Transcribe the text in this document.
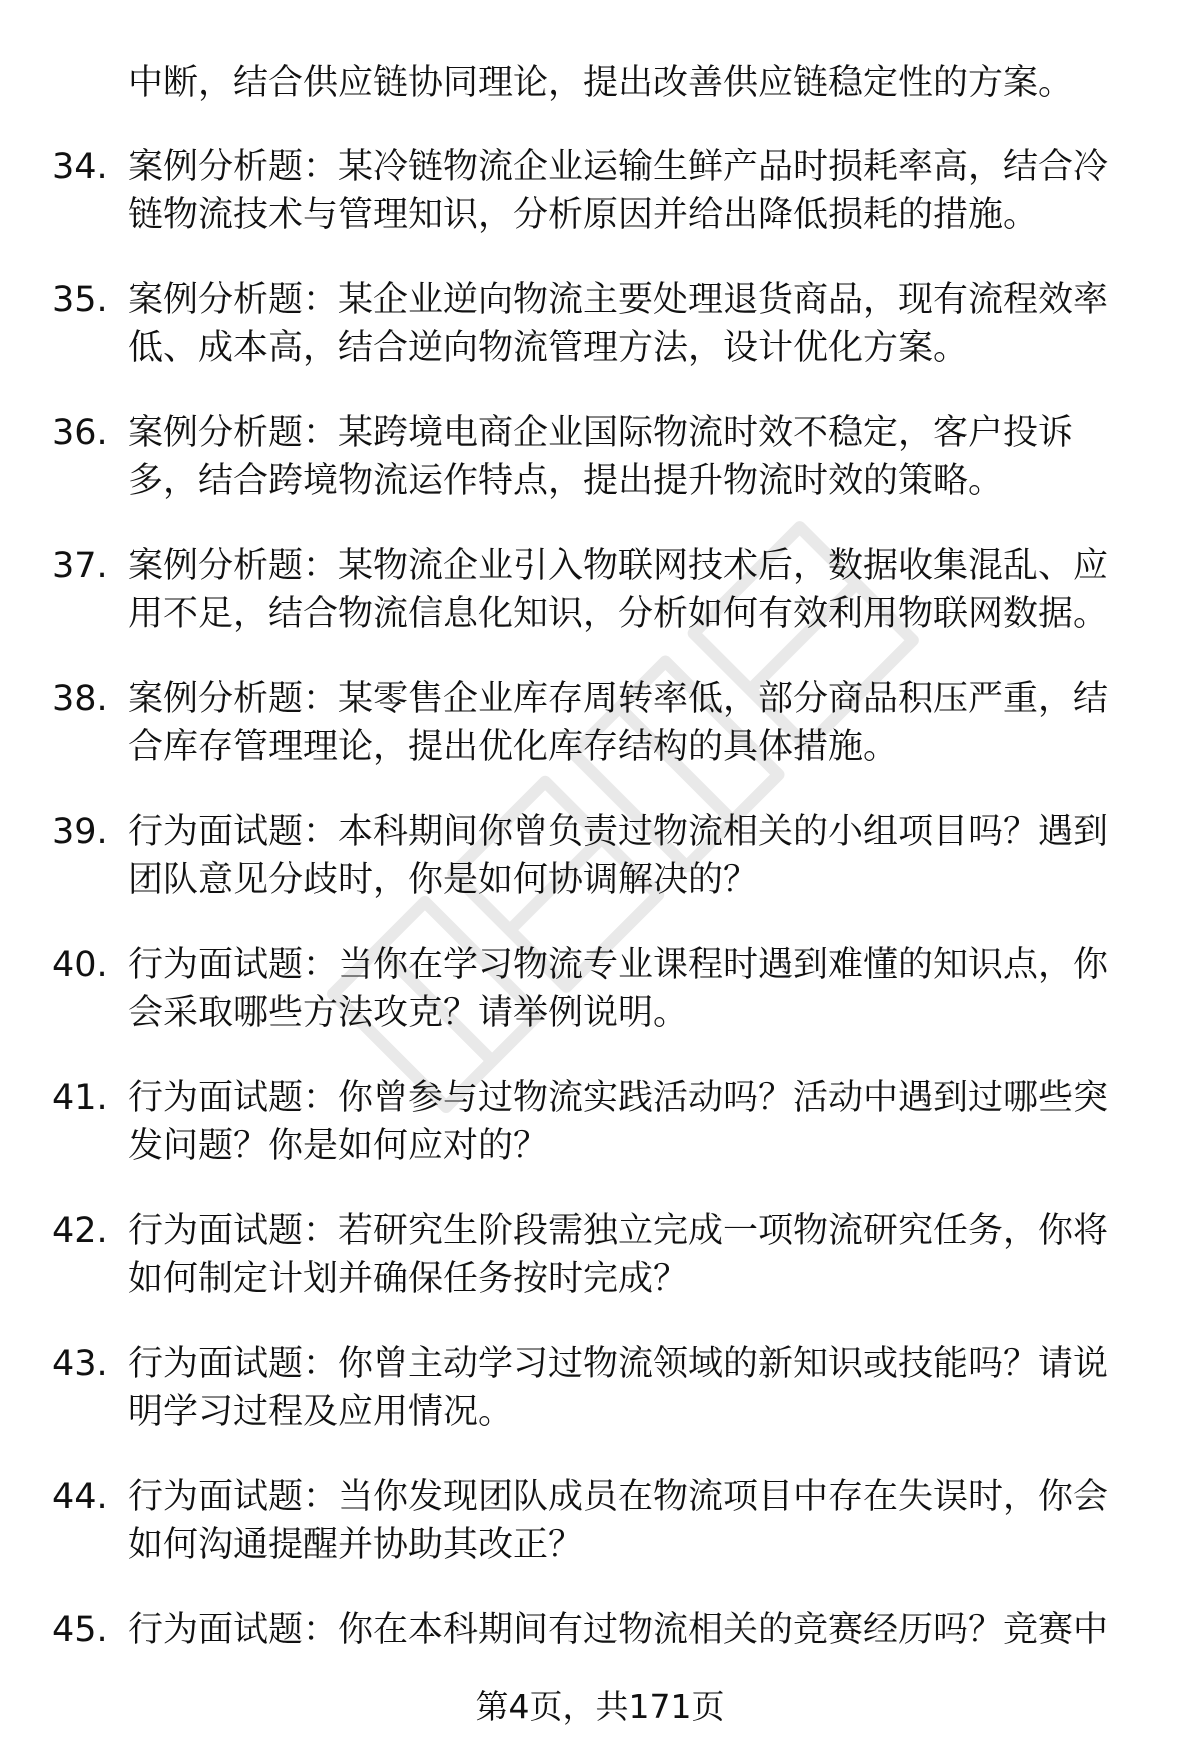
中断，结合供应链协同理论，提出改善供应链稳定性的方案。
34. 案例分析题：某冷链物流企业运输生鲜产品时损耗率高，结合冷
链物流技术与管理知识，分析原因并给出降低损耗的措施。
35. 案例分析题：某企业逆向物流主要处理退货商品，现有流程效率
低、成本高，结合逆向物流管理方法，设计优化方案。
36. 案例分析题：某跨境电商企业国际物流时效不稳定，客户投诉
多，结合跨境物流运作特点，提出提升物流时效的策略。
37. 案例分析题：某物流企业引入物联网技术后，数据收集混乱、应
用不足，结合物流信息化知识，分析如何有效利用物联网数据。
38. 案例分析题：某零售企业库存周转率低，部分商品积压严重，结
合库存管理理论，提出优化库存结构的具体措施。
39. 行为面试题：本科期间你曾负责过物流相关的小组项目吗？遇到
团队意见分歧时，你是如何协调解决的？
40. 行为面试题：当你在学习物流专业课程时遇到难懂的知识点，你
会采取哪些方法攻克？请举例说明。
41. 行为面试题：你曾参与过物流实践活动吗？活动中遇到过哪些突
发问题？你是如何应对的？
42. 行为面试题：若研究生阶段需独立完成一项物流研究任务，你将
如何制定计划并确保任务按时完成？
43. 行为面试题：你曾主动学习过物流领域的新知识或技能吗？请说
明学习过程及应用情况。
44. 行为面试题：当你发现团队成员在物流项目中存在失误时，你会
如何沟通提醒并协助其改正？
45. 行为面试题：你在本科期间有过物流相关的竞赛经历吗？竞赛中
第4页，共171页
